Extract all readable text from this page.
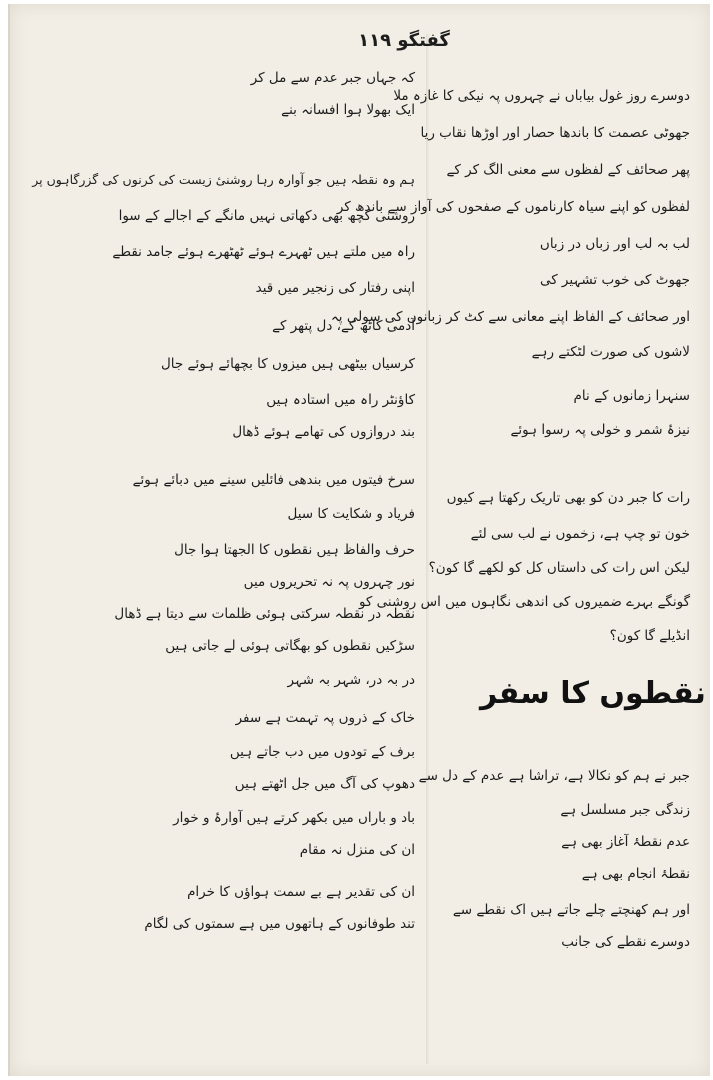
گفتگو ١١٩
دوسرے روز غول بیاباں نے چہروں پہ نیکی کا غازہ ملا
جھوٹی عصمت کا باندھا حصار اور اوڑھا نقاب ریا
پھر صحائف کے لفظوں سے معنی الگ کر کے
لفظوں کو اپنے سیاہ کارناموں کے صفحوں کی آواز سے باندھ کر
لب بہ لب اور زباں در زباں
جھوٹ کی خوب تشہیر کی
اور صحائف کے الفاظ اپنے معانی سے کٹ کر زبانوں کی سولی پہ
لاشوں کی صورت لٹکتے رہے
سنہرا زمانوں کے نام
نیزۂ شمر و خولی پہ رسوا ہوئے
رات کا جبر دن کو بھی تاریک رکھتا ہے کیوں
خون تو چپ ہے، زخموں نے لب سی لئے
لیکن اس رات کی داستاں کل کو لکھے گا کون؟
گونگے بہرے ضمیروں کی اندھی نگاہوں میں اس روشنی کو
انڈیلے گا کون؟
جبر نے ہم کو نکالا ہے، تراشا ہے عدم کے دل سے
زندگی جبر مسلسل ہے
عدم نقطۂ آغاز بھی ہے
نقطۂ انجام بھی ہے
اور ہم کھنچتے چلے جاتے ہیں اک نقطے سے
دوسرے نقطے کی جانب
نقطوں کا سفر
کہ جہاں جبر عدم سے مل کر
ایک بھولا ہوا افسانہ بنے
ہم وہ نقطہ ہیں جو آوارہ رہا روشنیٔ زیست کی کرنوں کی گزرگاہوں پر
روشنی کچھ بھی دکھاتی نہیں مانگے کے اجالے کے سوا
راہ میں ملتے ہیں ٹھہرے ہوئے ٹھٹھرے ہوئے جامد نقطے
اپنی رفتار کی زنجیر میں قید
آدمی کاٹھ کے، دل پتھر کے
کرسیاں بیٹھی ہیں میزوں کا بچھائے ہوئے جال
کاؤنٹر راہ میں استادہ ہیں
بند دروازوں کی تھامے ہوئے ڈھال
سرخ فیتوں میں بندھی فائلیں سینے میں دبائے ہوئے
فریاد و شکایت کا سیل
حرف والفاظ ہیں نقطوں کا الجھتا ہوا جال
نور چہروں پہ نہ تحریروں میں
نقطہ در نقطہ سرکتی ہوئی ظلمات سے دیتا ہے ڈھال
سڑکیں نقطوں کو بھگاتی ہوئی لے جاتی ہیں
در بہ در، شہر بہ شہر
خاک کے ذروں پہ تہمت ہے سفر
برف کے تودوں میں دب جاتے ہیں
دھوپ کی آگ میں جل اٹھتے ہیں
باد و باراں میں بکھر کرتے ہیں آوارۂ و خوار
ان کی منزل نہ مقام
ان کی تقدیر ہے بے سمت ہواؤں کا خرام
تند طوفانوں کے ہاتھوں میں ہے سمتوں کی لگام
